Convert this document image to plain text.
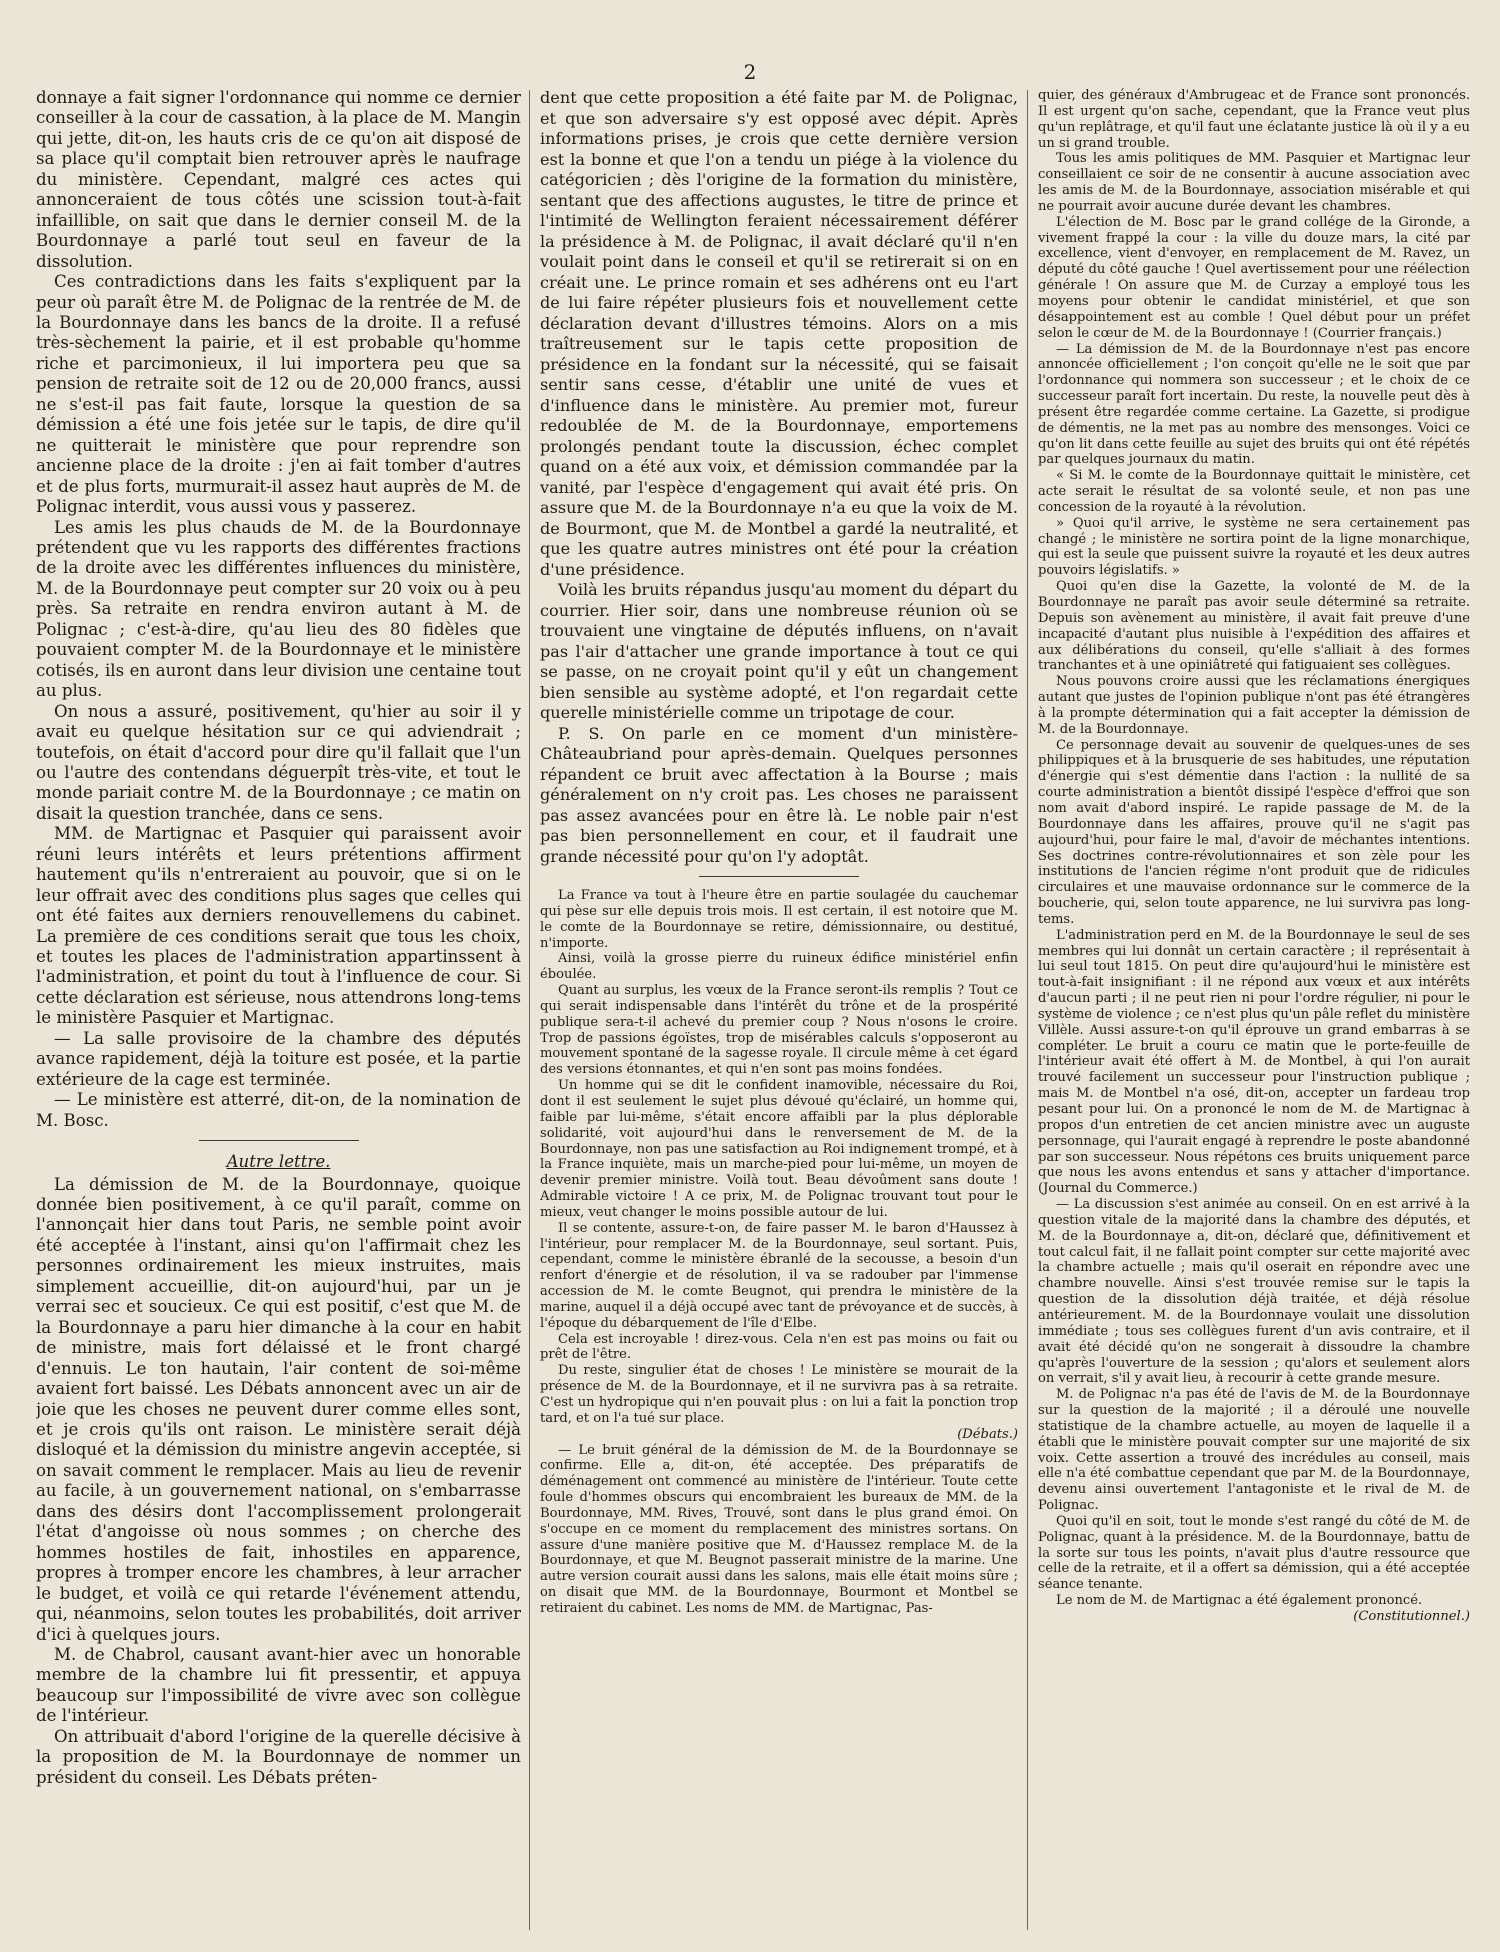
2

donnaye a fait signer l'ordonnance qui nomme ce dernier conseiller à la cour de cassation, à la place de M. Mangin qui jette, dit-on, les hauts cris de ce qu'on ait disposé de sa place qu'il comptait bien retrouver après le naufrage du ministère. Cependant, malgré ces actes qui annonceraient de tous côtés une scission tout-à-fait infaillible, on sait que dans le dernier conseil M. de la Bourdonnaye a parlé tout seul en faveur de la dissolution.

Ces contradictions dans les faits s'expliquent par la peur où paraît être M. de Polignac de la rentrée de M. de la Bourdonnaye dans les bancs de la droite. Il a refusé très-sèchement la pairie, et il est probable qu'homme riche et parcimonieux, il lui importera peu que sa pension de retraite soit de 12 ou de 20,000 francs, aussi ne s'est-il pas fait faute, lorsque la question de sa démission a été une fois jetée sur le tapis, de dire qu'il ne quitterait le ministère que pour reprendre son ancienne place de la droite : j'en ai fait tomber d'autres et de plus forts, murmurait-il assez haut auprès de M. de Polignac interdit, vous aussi vous y passerez.

Les amis les plus chauds de M. de la Bourdonnaye prétendent que vu les rapports des différentes fractions de la droite avec les différentes influences du ministère, M. de la Bourdonnaye peut compter sur 20 voix ou à peu près. Sa retraite en rendra environ autant à M. de Polignac ; c'est-à-dire, qu'au lieu des 80 fidèles que pouvaient compter M. de la Bourdonnaye et le ministère cotisés, ils en auront dans leur division une centaine tout au plus.

On nous a assuré, positivement, qu'hier au soir il y avait eu quelque hésitation sur ce qui adviendrait ; toutefois, on était d'accord pour dire qu'il fallait que l'un ou l'autre des contendans déguerpît très-vite, et tout le monde pariait contre M. de la Bourdonnaye ; ce matin on disait la question tranchée, dans ce sens.

MM. de Martignac et Pasquier qui paraissent avoir réuni leurs intérêts et leurs prétentions affirment hautement qu'ils n'entreraient au pouvoir, que si on le leur offrait avec des conditions plus sages que celles qui ont été faites aux derniers renouvellemens du cabinet. La première de ces conditions serait que tous les choix, et toutes les places de l'administration appartinssent à l'administration, et point du tout à l'influence de cour. Si cette déclaration est sérieuse, nous attendrons long-tems le ministère Pasquier et Martignac.

— La salle provisoire de la chambre des députés avance rapidement, déjà la toiture est posée, et la partie extérieure de la cage est terminée.

— Le ministère est atterré, dit-on, de la nomination de M. Bosc.

Autre lettre.

La démission de M. de la Bourdonnaye, quoique donnée bien positivement, à ce qu'il paraît, comme on l'annonçait hier dans tout Paris, ne semble point avoir été acceptée à l'instant, ainsi qu'on l'affirmait chez les personnes ordinairement les mieux instruites, mais simplement accueillie, dit-on aujourd'hui, par un je verrai sec et soucieux. Ce qui est positif, c'est que M. de la Bourdonnaye a paru hier dimanche à la cour en habit de ministre, mais fort délaissé et le front chargé d'ennuis. Le ton hautain, l'air content de soi-même avaient fort baissé. Les Débats annoncent avec un air de joie que les choses ne peuvent durer comme elles sont, et je crois qu'ils ont raison. Le ministère serait déjà disloqué et la démission du ministre angevin acceptée, si on savait comment le remplacer. Mais au lieu de revenir au facile, à un gouvernement national, on s'embarrasse dans des désirs dont l'accomplissement prolongerait l'état d'angoisse où nous sommes ; on cherche des hommes hostiles de fait, inhostiles en apparence, propres à tromper encore les chambres, à leur arracher le budget, et voilà ce qui retarde l'événement attendu, qui, néanmoins, selon toutes les probabilités, doit arriver d'ici à quelques jours.

M. de Chabrol, causant avant-hier avec un honorable membre de la chambre lui fit pressentir, et appuya beaucoup sur l'impossibilité de vivre avec son collègue de l'intérieur.

On attribuait d'abord l'origine de la querelle décisive à la proposition de M. la Bourdonnaye de nommer un président du conseil. Les Débats préten-

dent que cette proposition a été faite par M. de Polignac, et que son adversaire s'y est opposé avec dépit. Après informations prises, je crois que cette dernière version est la bonne et que l'on a tendu un piége à la violence du catégoricien ; dès l'origine de la formation du ministère, sentant que des affections augustes, le titre de prince et l'intimité de Wellington feraient nécessairement déférer la présidence à M. de Polignac, il avait déclaré qu'il n'en voulait point dans le conseil et qu'il se retirerait si on en créait une. Le prince romain et ses adhérens ont eu l'art de lui faire répéter plusieurs fois et nouvellement cette déclaration devant d'illustres témoins. Alors on a mis traîtreusement sur le tapis cette proposition de présidence en la fondant sur la nécessité, qui se faisait sentir sans cesse, d'établir une unité de vues et d'influence dans le ministère. Au premier mot, fureur redoublée de M. de la Bourdonnaye, emportemens prolongés pendant toute la discussion, échec complet quand on a été aux voix, et démission commandée par la vanité, par l'espèce d'engagement qui avait été pris. On assure que M. de la Bourdonnaye n'a eu que la voix de M. de Bourmont, que M. de Montbel a gardé la neutralité, et que les quatre autres ministres ont été pour la création d'une présidence.

Voilà les bruits répandus jusqu'au moment du départ du courrier. Hier soir, dans une nombreuse réunion où se trouvaient une vingtaine de députés influens, on n'avait pas l'air d'attacher une grande importance à tout ce qui se passe, on ne croyait point qu'il y eût un changement bien sensible au système adopté, et l'on regardait cette querelle ministérielle comme un tripotage de cour.

P. S. On parle en ce moment d'un ministère-Châteaubriand pour après-demain. Quelques personnes répandent ce bruit avec affectation à la Bourse ; mais généralement on n'y croit pas. Les choses ne paraissent pas assez avancées pour en être là. Le noble pair n'est pas bien personnellement en cour, et il faudrait une grande nécessité pour qu'on l'y adoptât.

La France va tout à l'heure être en partie soulagée du cauchemar qui pèse sur elle depuis trois mois. Il est certain, il est notoire que M. le comte de la Bourdonnaye se retire, démissionnaire, ou destitué, n'importe.

Ainsi, voilà la grosse pierre du ruineux édifice ministériel enfin éboulée.

Quant au surplus, les vœux de la France seront-ils remplis ? Tout ce qui serait indispensable dans l'intérêt du trône et de la prospérité publique sera-t-il achevé du premier coup ? Nous n'osons le croire. Trop de passions égoïstes, trop de misérables calculs s'opposeront au mouvement spontané de la sagesse royale. Il circule même à cet égard des versions étonnantes, et qui n'en sont pas moins fondées.

Un homme qui se dit le confident inamovible, nécessaire du Roi, dont il est seulement le sujet plus dévoué qu'éclairé, un homme qui, faible par lui-même, s'était encore affaibli par la plus déplorable solidarité, voit aujourd'hui dans le renversement de M. de la Bourdonnaye, non pas une satisfaction au Roi indignement trompé, et à la France inquiète, mais un marche-pied pour lui-même, un moyen de devenir premier ministre. Voilà tout. Beau dévoûment sans doute ! Admirable victoire ! A ce prix, M. de Polignac trouvant tout pour le mieux, veut changer le moins possible autour de lui.

Il se contente, assure-t-on, de faire passer M. le baron d'Haussez à l'intérieur, pour remplacer M. de la Bourdonnaye, seul sortant. Puis, cependant, comme le ministère ébranlé de la secousse, a besoin d'un renfort d'énergie et de résolution, il va se radouber par l'immense accession de M. le comte Beugnot, qui prendra le ministère de la marine, auquel il a déjà occupé avec tant de prévoyance et de succès, à l'époque du débarquement de l'île d'Elbe.

Cela est incroyable ! direz-vous. Cela n'en est pas moins ou fait ou prêt de l'être.

Du reste, singulier état de choses ! Le ministère se mourait de la présence de M. de la Bourdonnaye, et il ne survivra pas à sa retraite. C'est un hydropique qui n'en pouvait plus : on lui a fait la ponction trop tard, et on l'a tué sur place.

(Débats.)

— Le bruit général de la démission de M. de la Bourdonnaye se confirme. Elle a, dit-on, été acceptée. Des préparatifs de déménagement ont commencé au ministère de l'intérieur. Toute cette foule d'hommes obscurs qui encombraient les bureaux de MM. de la Bourdonnaye, MM. Rives, Trouvé, sont dans le plus grand émoi. On s'occupe en ce moment du remplacement des ministres sortans. On assure d'une manière positive que M. d'Haussez remplace M. de la Bourdonnaye, et que M. Beugnot passerait ministre de la marine. Une autre version courait aussi dans les salons, mais elle était moins sûre ; on disait que MM. de la Bourdonnaye, Bourmont et Montbel se retiraient du cabinet. Les noms de MM. de Martignac, Pas-

quier, des généraux d'Ambrugeac et de France sont prononcés. Il est urgent qu'on sache, cependant, que la France veut plus qu'un replâtrage, et qu'il faut une éclatante justice là où il y a eu un si grand trouble.

Tous les amis politiques de MM. Pasquier et Martignac leur conseillaient ce soir de ne consentir à aucune association avec les amis de M. de la Bourdonnaye, association misérable et qui ne pourrait avoir aucune durée devant les chambres.

L'élection de M. Bosc par le grand collége de la Gironde, a vivement frappé la cour : la ville du douze mars, la cité par excellence, vient d'envoyer, en remplacement de M. Ravez, un député du côté gauche ! Quel avertissement pour une réélection générale ! On assure que M. de Curzay a employé tous les moyens pour obtenir le candidat ministériel, et que son désappointement est au comble ! Quel début pour un préfet selon le cœur de M. de la Bourdonnaye ! (Courrier français.)

— La démission de M. de la Bourdonnaye n'est pas encore annoncée officiellement ; l'on conçoit qu'elle ne le soit que par l'ordonnance qui nommera son successeur ; et le choix de ce successeur paraît fort incertain. Du reste, la nouvelle peut dès à présent être regardée comme certaine. La Gazette, si prodigue de démentis, ne la met pas au nombre des mensonges. Voici ce qu'on lit dans cette feuille au sujet des bruits qui ont été répétés par quelques journaux du matin.

« Si M. le comte de la Bourdonnaye quittait le ministère, cet acte serait le résultat de sa volonté seule, et non pas une concession de la royauté à la révolution.

» Quoi qu'il arrive, le système ne sera certainement pas changé ; le ministère ne sortira point de la ligne monarchique, qui est la seule que puissent suivre la royauté et les deux autres pouvoirs législatifs. »

Quoi qu'en dise la Gazette, la volonté de M. de la Bourdonnaye ne paraît pas avoir seule déterminé sa retraite. Depuis son avènement au ministère, il avait fait preuve d'une incapacité d'autant plus nuisible à l'expédition des affaires et aux délibérations du conseil, qu'elle s'alliait à des formes tranchantes et à une opiniâtreté qui fatiguaient ses collègues.

Nous pouvons croire aussi que les réclamations énergiques autant que justes de l'opinion publique n'ont pas été étrangères à la prompte détermination qui a fait accepter la démission de M. de la Bourdonnaye.

Ce personnage devait au souvenir de quelques-unes de ses philippiques et à la brusquerie de ses habitudes, une réputation d'énergie qui s'est démentie dans l'action : la nullité de sa courte administration a bientôt dissipé l'espèce d'effroi que son nom avait d'abord inspiré. Le rapide passage de M. de la Bourdonnaye dans les affaires, prouve qu'il ne s'agit pas aujourd'hui, pour faire le mal, d'avoir de méchantes intentions. Ses doctrines contre-révolutionnaires et son zèle pour les institutions de l'ancien régime n'ont produit que de ridicules circulaires et une mauvaise ordonnance sur le commerce de la boucherie, qui, selon toute apparence, ne lui survivra pas long-tems.

L'administration perd en M. de la Bourdonnaye le seul de ses membres qui lui donnât un certain caractère ; il représentait à lui seul tout 1815. On peut dire qu'aujourd'hui le ministère est tout-à-fait insignifiant : il ne répond aux vœux et aux intérêts d'aucun parti ; il ne peut rien ni pour l'ordre régulier, ni pour le système de violence ; ce n'est plus qu'un pâle reflet du ministère Villèle. Aussi assure-t-on qu'il éprouve un grand embarras à se compléter. Le bruit a couru ce matin que le porte-feuille de l'intérieur avait été offert à M. de Montbel, à qui l'on aurait trouvé facilement un successeur pour l'instruction publique ; mais M. de Montbel n'a osé, dit-on, accepter un fardeau trop pesant pour lui. On a prononcé le nom de M. de Martignac à propos d'un entretien de cet ancien ministre avec un auguste personnage, qui l'aurait engagé à reprendre le poste abandonné par son successeur. Nous répétons ces bruits uniquement parce que nous les avons entendus et sans y attacher d'importance. (Journal du Commerce.)

— La discussion s'est animée au conseil. On en est arrivé à la question vitale de la majorité dans la chambre des députés, et M. de la Bourdonnaye a, dit-on, déclaré que, définitivement et tout calcul fait, il ne fallait point compter sur cette majorité avec la chambre actuelle ; mais qu'il oserait en répondre avec une chambre nouvelle. Ainsi s'est trouvée remise sur le tapis la question de la dissolution déjà traitée, et déjà résolue antérieurement. M. de la Bourdonnaye voulait une dissolution immédiate ; tous ses collègues furent d'un avis contraire, et il avait été décidé qu'on ne songerait à dissoudre la chambre qu'après l'ouverture de la session ; qu'alors et seulement alors on verrait, s'il y avait lieu, à recourir à cette grande mesure.

M. de Polignac n'a pas été de l'avis de M. de la Bourdonnaye sur la question de la majorité ; il a déroulé une nouvelle statistique de la chambre actuelle, au moyen de laquelle il a établi que le ministère pouvait compter sur une majorité de six voix. Cette assertion a trouvé des incrédules au conseil, mais elle n'a été combattue cependant que par M. de la Bourdonnaye, devenu ainsi ouvertement l'antagoniste et le rival de M. de Polignac.

Quoi qu'il en soit, tout le monde s'est rangé du côté de M. de Polignac, quant à la présidence. M. de la Bourdonnaye, battu de la sorte sur tous les points, n'avait plus d'autre ressource que celle de la retraite, et il a offert sa démission, qui a été acceptée séance tenante.

Le nom de M. de Martignac a été également prononcé.

(Constitutionnel.)
